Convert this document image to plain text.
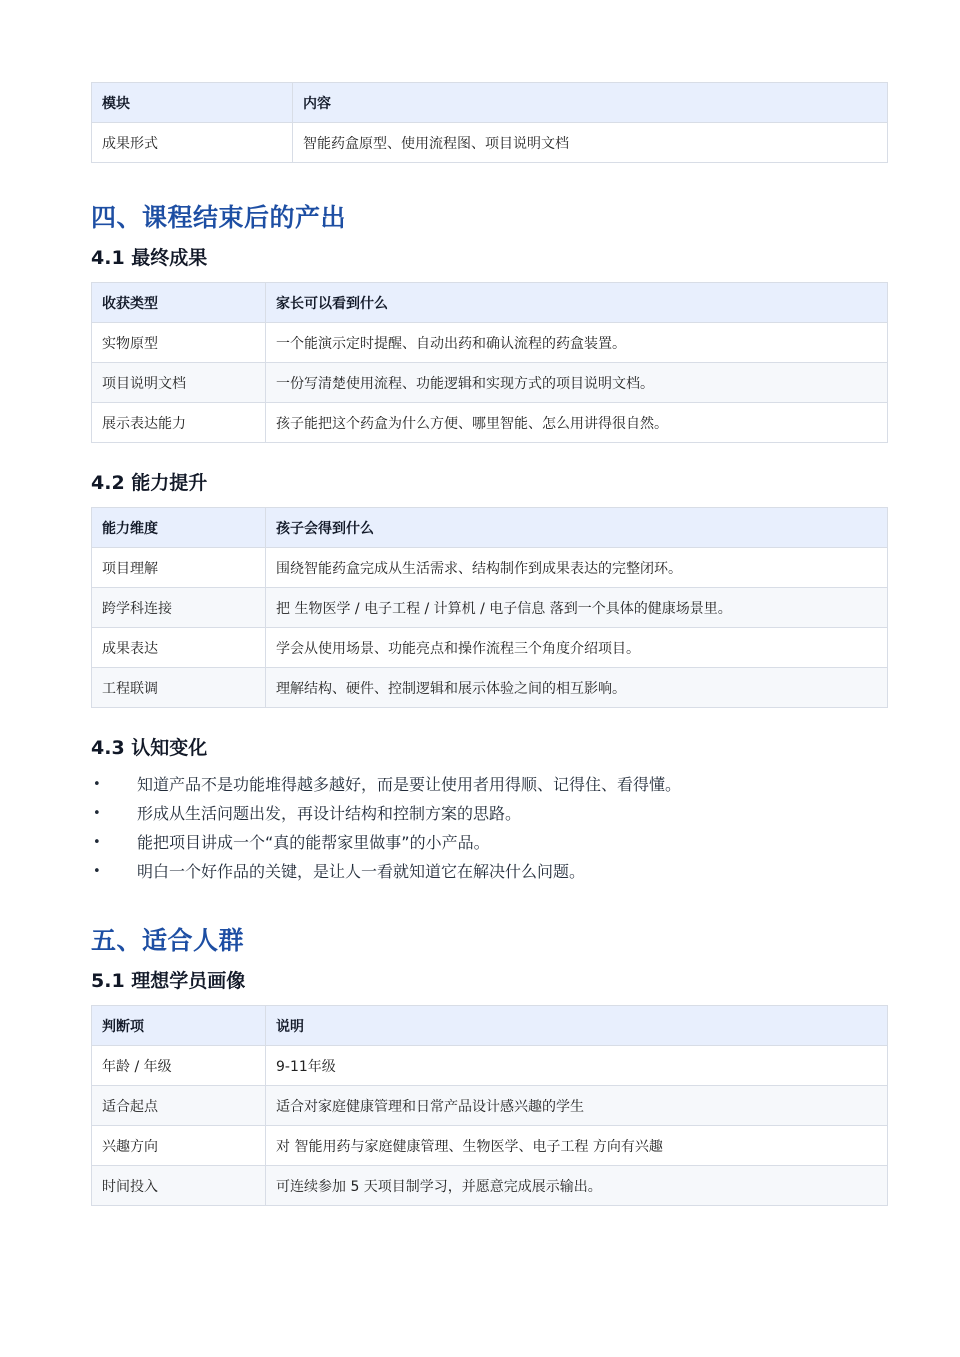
模块	内容
成果形式	智能药盒原型、使用流程图、项目说明文档
四、课程结束后的产出
4.1 最终成果
收获类型	家长可以看到什么
实物原型	一个能演示定时提醒、自动出药和确认流程的药盒装置。
项目说明文档	一份写清楚使用流程、功能逻辑和实现方式的项目说明文档。
展示表达能力	孩子能把这个药盒为什么方便、哪里智能、怎么用讲得很自然。
4.2 能力提升
能力维度	孩子会得到什么
项目理解	围绕智能药盒完成从生活需求、结构制作到成果表达的完整闭环。
跨学科连接	把 生物医学 / 电子工程 / 计算机 / 电子信息 落到一个具体的健康场景里。
成果表达	学会从使用场景、功能亮点和操作流程三个角度介绍项目。
工程联调	理解结构、硬件、控制逻辑和展示体验之间的相互影响。
4.3 认知变化
• 知道产品不是功能堆得越多越好，而是要让使用者用得顺、记得住、看得懂。
• 形成从生活问题出发，再设计结构和控制方案的思路。
• 能把项目讲成一个“真的能帮家里做事”的小产品。
• 明白一个好作品的关键，是让人一看就知道它在解决什么问题。
五、适合人群
5.1 理想学员画像
判断项	说明
年龄 / 年级	9-11年级
适合起点	适合对家庭健康管理和日常产品设计感兴趣的学生
兴趣方向	对 智能用药与家庭健康管理、生物医学、电子工程 方向有兴趣
时间投入	可连续参加 5 天项目制学习，并愿意完成展示输出。
